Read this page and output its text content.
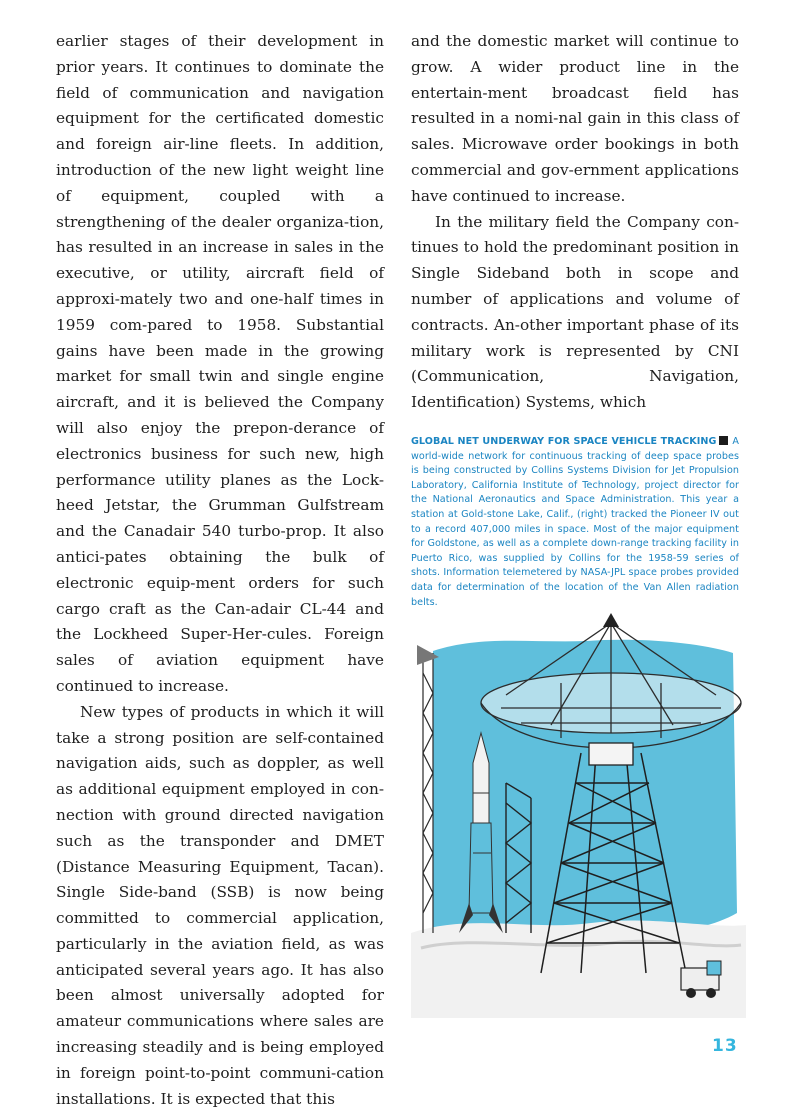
earlier stages of their development in prior years. It continues to dominate the field of communication and navigation equipment for the certificated domestic and foreign air-line fleets. In addition, introduction of the new light weight line of equipment, coupled with a strengthening of the dealer organiza-tion, has resulted in an increase in sales in the executive, or utility, aircraft field of approxi-mately two and one-half times in 1959 com-pared to 1958. Substantial gains have been made in the growing market for small twin and single engine aircraft, and it is believed the Company will also enjoy the prepon-derance of electronics business for such new, high performance utility planes as the Lock-heed Jetstar, the Grumman Gulfstream and the Canadair 540 turbo-prop. It also antici-pates obtaining the bulk of electronic equip-ment orders for such cargo craft as the Can-adair CL-44 and the Lockheed Super-Her-cules. Foreign sales of aviation equipment have continued to increase.

New types of products in which it will take a strong position are self-contained navigation aids, such as doppler, as well as additional equipment employed in con-nection with ground directed navigation such as the transponder and DMET (Distance Measuring Equipment, Tacan). Single Side-band (SSB) is now being committed to commercial application, particularly in the aviation field, as was anticipated several years ago. It has also been almost universally adopted for amateur communications where sales are increasing steadily and is being employed in foreign point-to-point communi-cation installations. It is expected that this

and the domestic market will continue to grow. A wider product line in the entertain-ment broadcast field has resulted in a nomi-nal gain in this class of sales. Microwave order bookings in both commercial and gov-ernment applications have continued to increase.

In the military field the Company con-tinues to hold the predominant position in Single Sideband both in scope and number of applications and volume of contracts. An-other important phase of its military work is represented by CNI (Communication, Navigation, Identification) Systems, which

GLOBAL NET UNDERWAY FOR SPACE VEHICLE TRACKING A world-wide network for continuous tracking of deep space probes is being constructed by Collins Systems Division for Jet Propulsion Laboratory, California Institute of Technology, project director for the National Aeronautics and Space Administration. This year a station at Gold-stone Lake, Calif., (right) tracked the Pioneer IV out to a record 407,000 miles in space. Most of the major equipment for Goldstone, as well as a complete down-range tracking facility in Puerto Rico, was supplied by Collins for the 1958-59 series of shots. Information telemetered by NASA-JPL space probes provided data for determination of the location of the Van Allen radiation belts.
13
